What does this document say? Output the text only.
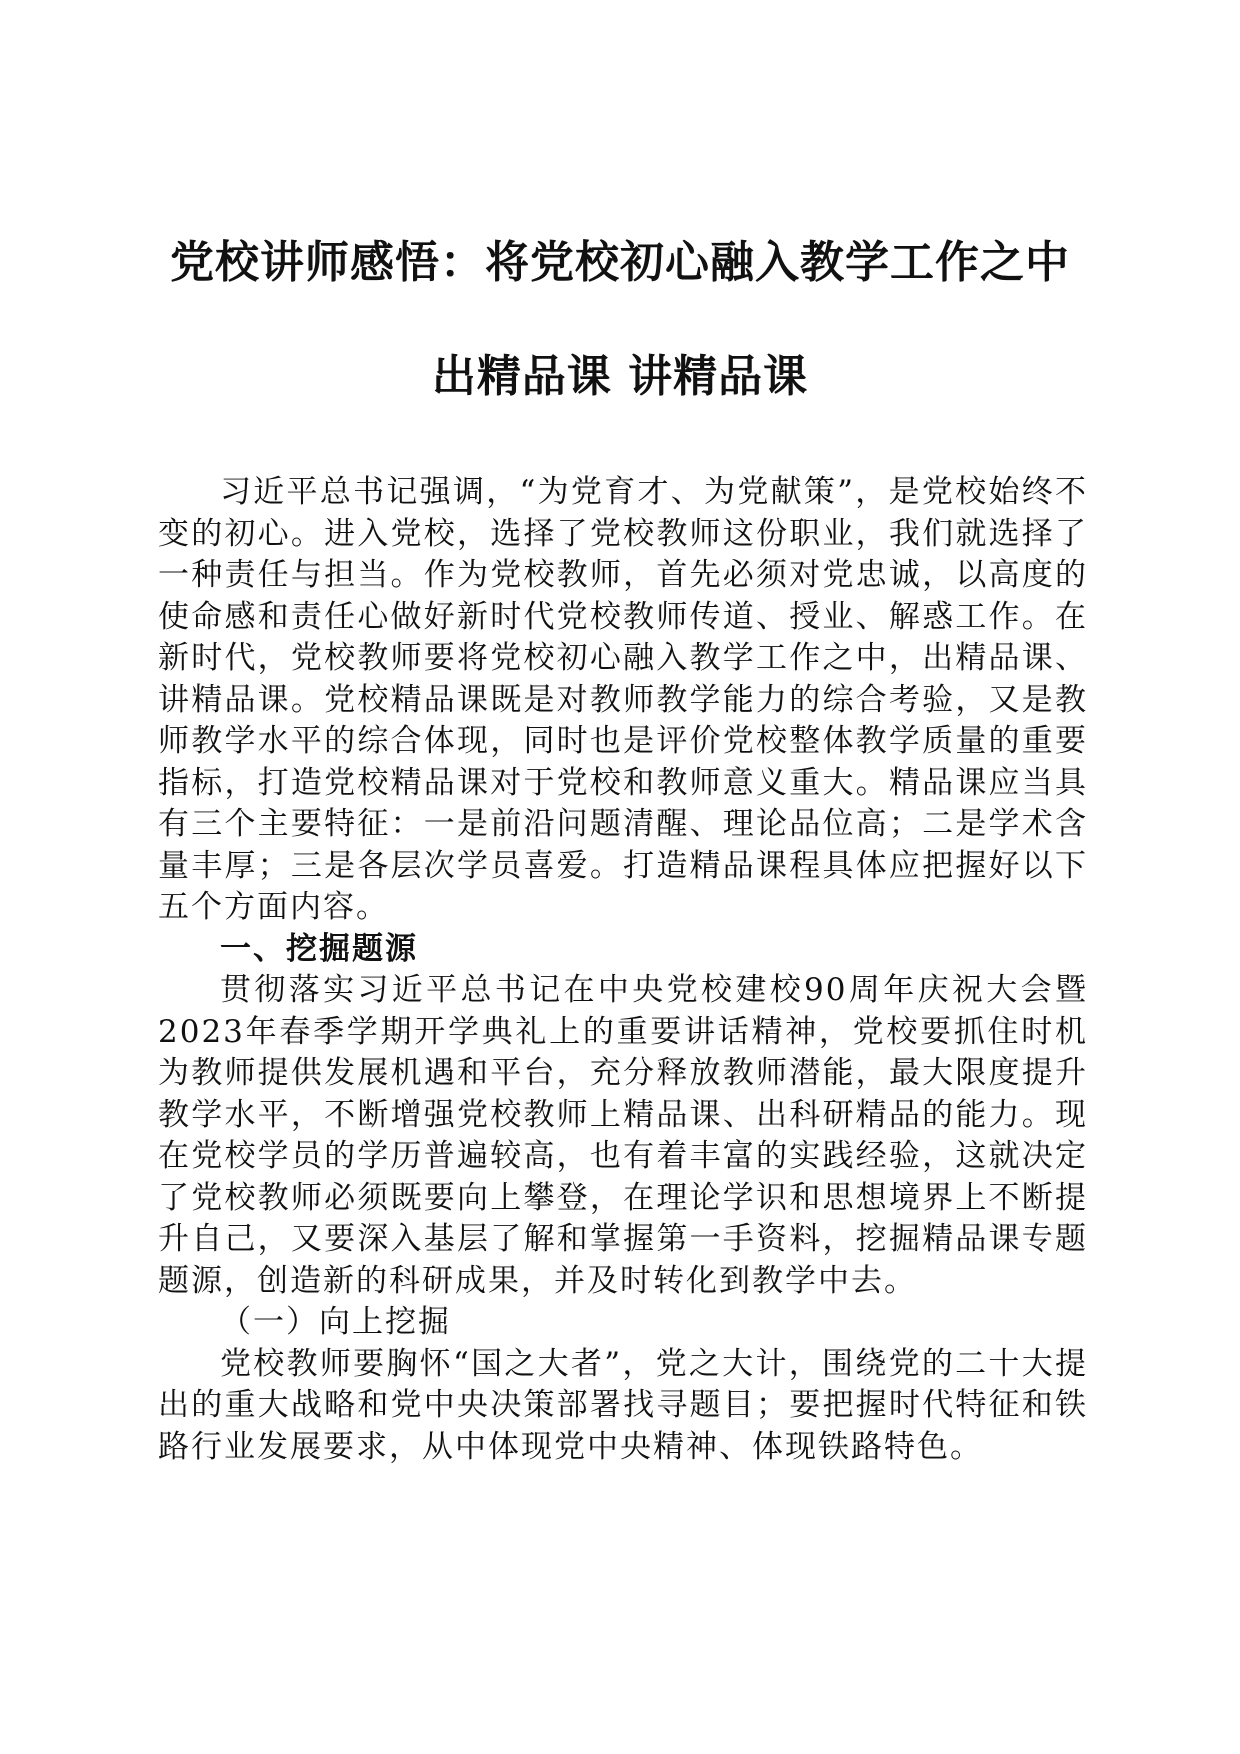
党校讲师感悟：将党校初心融入教学工作之中
出精品课 讲精品课

习近平总书记强调，“为党育才、为党献策”，是党校始终不变的初心。进入党校，选择了党校教师这份职业，我们就选择了一种责任与担当。作为党校教师，首先必须对党忠诚，以高度的使命感和责任心做好新时代党校教师传道、授业、解惑工作。在新时代，党校教师要将党校初心融入教学工作之中，出精品课、讲精品课。党校精品课既是对教师教学能力的综合考验，又是教师教学水平的综合体现，同时也是评价党校整体教学质量的重要指标，打造党校精品课对于党校和教师意义重大。精品课应当具有三个主要特征：一是前沿问题清醒、理论品位高；二是学术含量丰厚；三是各层次学员喜爱。打造精品课程具体应把握好以下五个方面内容。

一、挖掘题源

贯彻落实习近平总书记在中央党校建校90周年庆祝大会暨2023年春季学期开学典礼上的重要讲话精神，党校要抓住时机为教师提供发展机遇和平台，充分释放教师潜能，最大限度提升教学水平，不断增强党校教师上精品课、出科研精品的能力。现在党校学员的学历普遍较高，也有着丰富的实践经验，这就决定了党校教师必须既要向上攀登，在理论学识和思想境界上不断提升自己，又要深入基层了解和掌握第一手资料，挖掘精品课专题题源，创造新的科研成果，并及时转化到教学中去。

（一）向上挖掘

党校教师要胸怀“国之大者”，党之大计，围绕党的二十大提出的重大战略和党中央决策部署找寻题目；要把握时代特征和铁路行业发展要求，从中体现党中央精神、体现铁路特色。
